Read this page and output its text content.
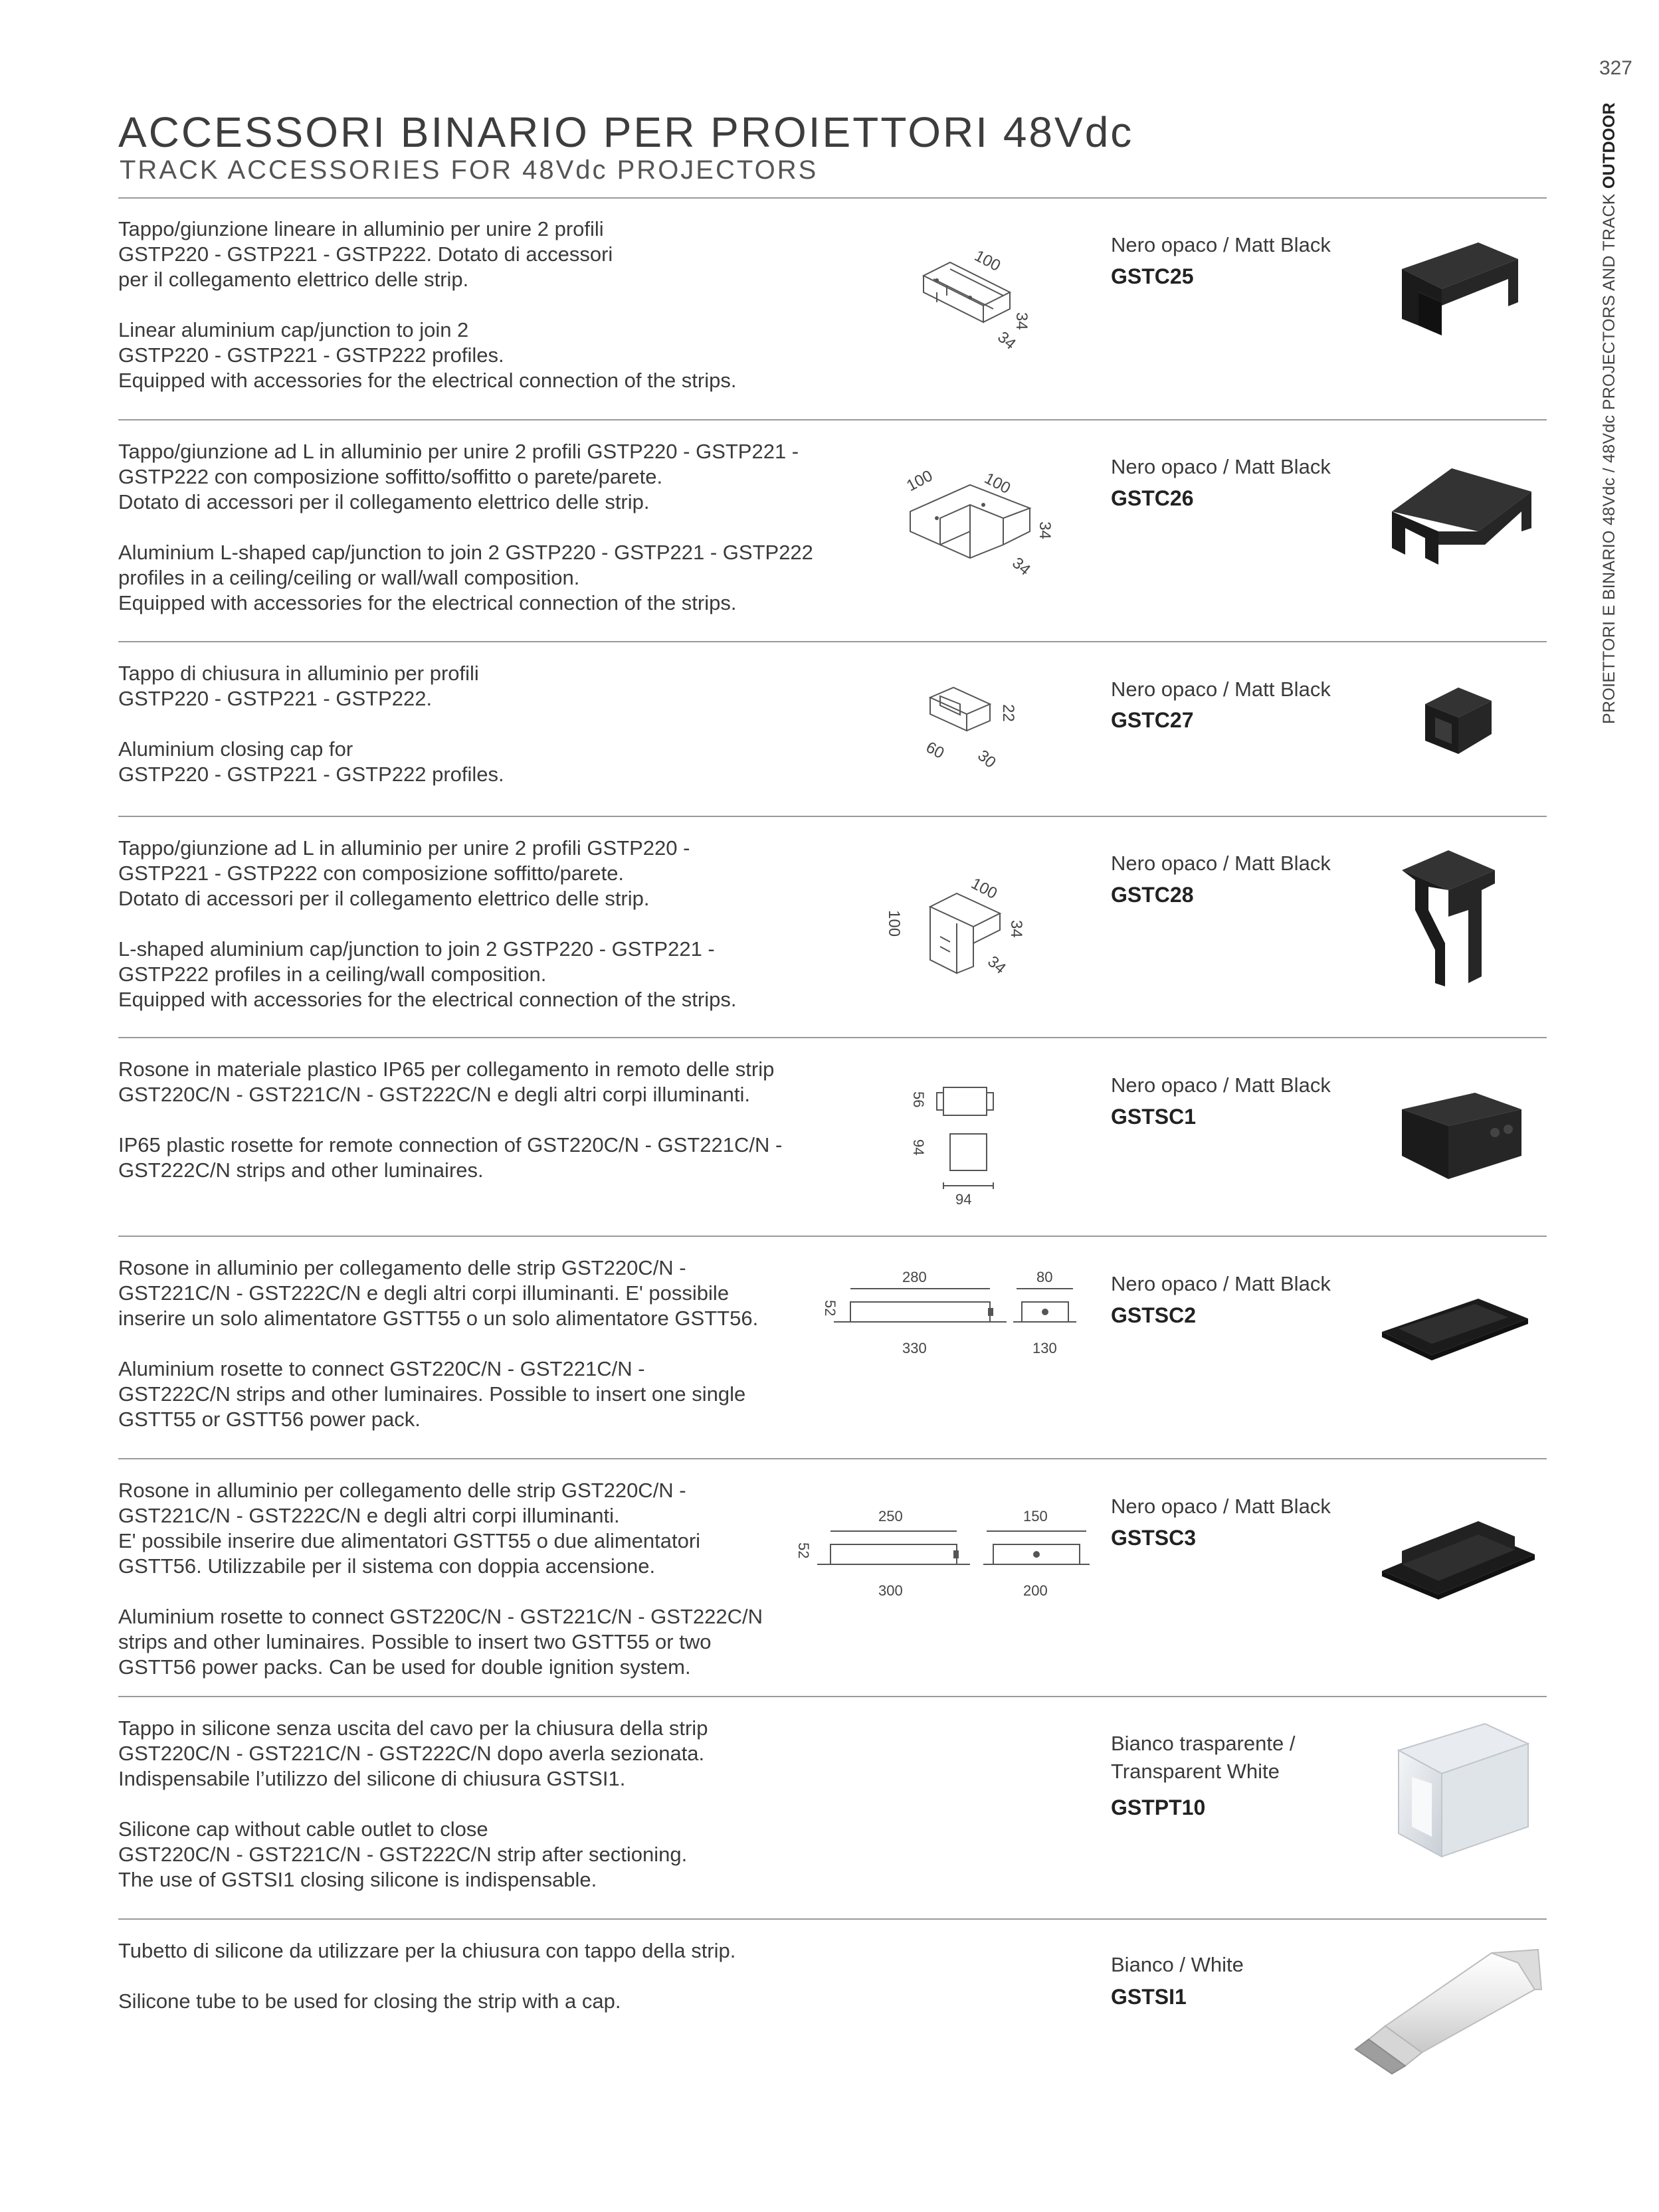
327
PROIETTORI E BINARIO 48Vdc / 48Vdc PROJECTORS AND TRACK OUTDOOR
ACCESSORI BINARIO PER PROIETTORI 48Vdc
TRACK ACCESSORIES FOR 48Vdc PROJECTORS

Tappo/giunzione lineare in alluminio per unire 2 profili
GSTP220 - GSTP221 - GSTP222. Dotato di accessori
per il collegamento elettrico delle strip.

Linear aluminium cap/junction to join 2
GSTP220 - GSTP221 - GSTP222 profiles.
Equipped with accessories for the electrical connection of the strips.

100
34
34
Nero opaco / Matt Black
GSTC25

Tappo/giunzione ad L in alluminio per unire 2 profili GSTP220 - GSTP221 -
GSTP222 con composizione soffitto/soffitto o parete/parete.
Dotato di accessori per il collegamento elettrico delle strip.

Aluminium L-shaped cap/junction to join 2 GSTP220 - GSTP221 - GSTP222
profiles in a ceiling/ceiling or wall/wall composition.
Equipped with accessories for the electrical connection of the strips.

100	100
34
34
Nero opaco / Matt Black
GSTC26

Tappo di chiusura in alluminio per profili
GSTP220 - GSTP221 - GSTP222.

Aluminium closing cap for
GSTP220 - GSTP221 - GSTP222 profiles.

22
60 30
Nero opaco / Matt Black
GSTC27

Tappo/giunzione ad L in alluminio per unire 2 profili GSTP220 -
GSTP221 - GSTP222 con composizione soffitto/parete.
Dotato di accessori per il collegamento elettrico delle strip.

L-shaped aluminium cap/junction to join 2 GSTP220 - GSTP221 -
GSTP222 profiles in a ceiling/wall composition.
Equipped with accessories for the electrical connection of the strips.

100
100
34
34
Nero opaco / Matt Black
GSTC28

Rosone in materiale plastico IP65 per collegamento in remoto delle strip
GST220C/N - GST221C/N - GST222C/N e degli altri corpi illuminanti.

IP65 plastic rosette for remote connection of GST220C/N - GST221C/N -
GST222C/N strips and other luminaires.

56
94
94
Nero opaco / Matt Black
GSTSC1

Rosone in alluminio per collegamento delle strip GST220C/N -
GST221C/N - GST222C/N e degli altri corpi illuminanti. E' possibile
inserire un solo alimentatore GSTT55 o un solo alimentatore GSTT56.

Aluminium rosette to connect GST220C/N - GST221C/N -
GST222C/N strips and other luminaires. Possible to insert one single
GSTT55 or GSTT56 power pack.

280	80
52
330	130
Nero opaco / Matt Black
GSTSC2

Rosone in alluminio per collegamento delle strip GST220C/N -
GST221C/N - GST222C/N e degli altri corpi illuminanti.
E' possibile inserire due alimentatori GSTT55 o due alimentatori
GSTT56. Utilizzabile per il sistema con doppia accensione.

Aluminium rosette to connect GST220C/N - GST221C/N - GST222C/N
strips and other luminaires. Possible to insert two GSTT55 or two
GSTT56 power packs. Can be used for double ignition system.

250	150
52
300	200
Nero opaco / Matt Black
GSTSC3

Tappo in silicone senza uscita del cavo per la chiusura della strip
GST220C/N - GST221C/N - GST222C/N dopo averla sezionata.
Indispensabile l’utilizzo del silicone di chiusura GSTSI1.

Silicone cap without cable outlet to close
GST220C/N - GST221C/N - GST222C/N strip after sectioning.
The use of GSTSI1 closing silicone is indispensable.

Bianco trasparente / Transparent White
GSTPT10

Tubetto di silicone da utilizzare per la chiusura con tappo della strip.

Silicone tube to be used for closing the strip with a cap.

Bianco / White
GSTSI1
